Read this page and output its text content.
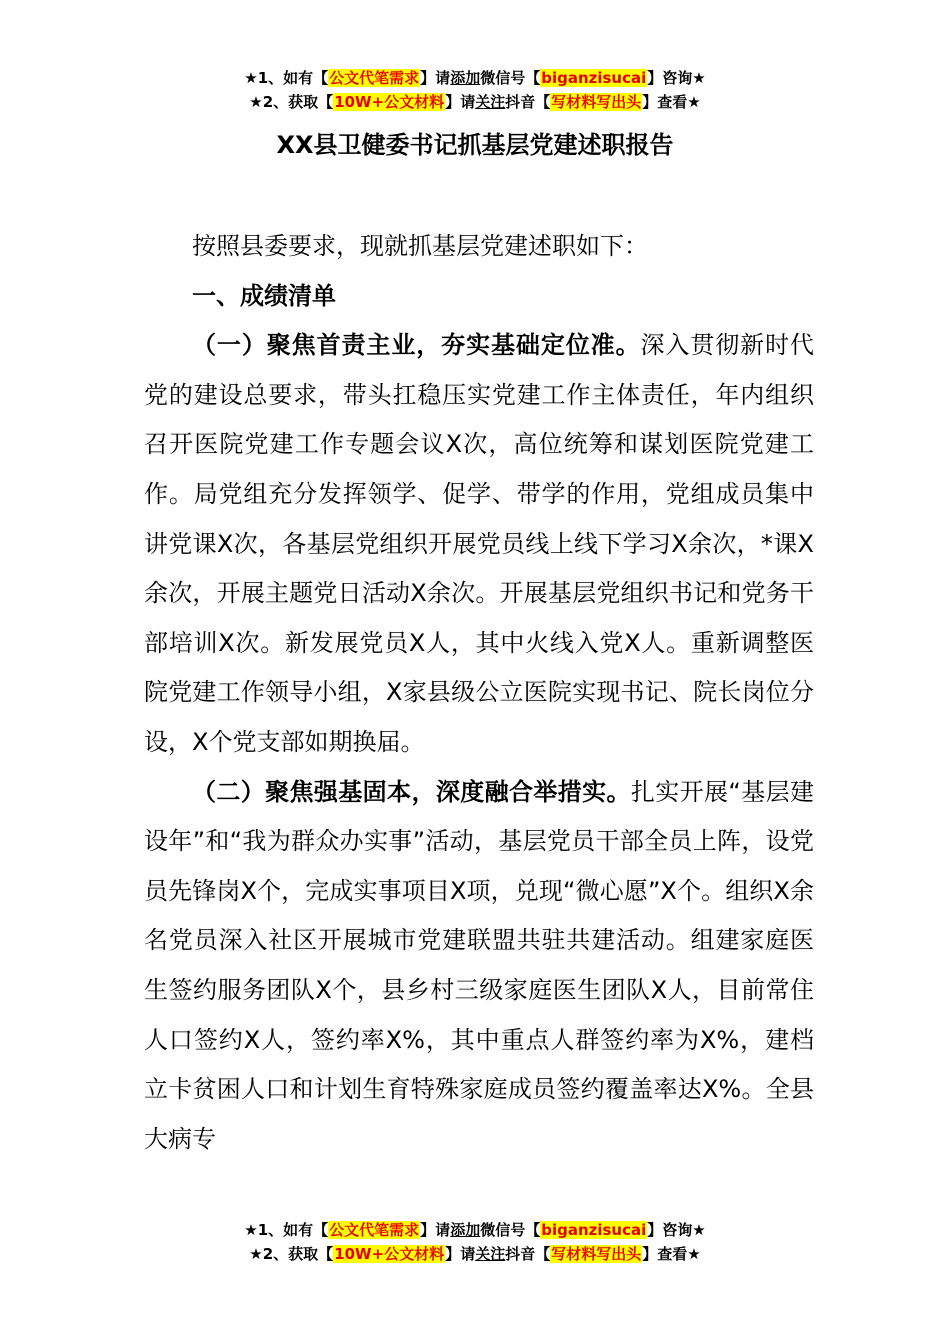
★1、如有【公文代笔需求】请添加微信号【biganzisucai】咨询★
★2、获取【10W+公文材料】请关注抖音【写材料写出头】查看★
XX县卫健委书记抓基层党建述职报告

按照县委要求，现就抓基层党建述职如下：

一、成绩清单

（一）聚焦首责主业，夯实基础定位准。深入贯彻新时代党的建设总要求，带头扛稳压实党建工作主体责任，年内组织召开医院党建工作专题会议X次，高位统筹和谋划医院党建工作。局党组充分发挥领学、促学、带学的作用，党组成员集中讲党课X次，各基层党组织开展党员线上线下学习X余次，*课X余次，开展主题党日活动X余次。开展基层党组织书记和党务干部培训X次。新发展党员X人，其中火线入党X人。重新调整医院党建工作领导小组，X家县级公立医院实现书记、院长岗位分设，X个党支部如期换届。

（二）聚焦强基固本，深度融合举措实。扎实开展“基层建设年”和“我为群众办实事”活动，基层党员干部全员上阵，设党员先锋岗X个，完成实事项目X项，兑现“微心愿”X个。组织X余名党员深入社区开展城市党建联盟共驻共建活动。组建家庭医生签约服务团队X个，县乡村三级家庭医生团队X人，目前常住人口签约X人，签约率X%，其中重点人群签约率为X%，建档立卡贫困人口和计划生育特殊家庭成员签约覆盖率达X%。全县大病专

★1、如有【公文代笔需求】请添加微信号【biganzisucai】咨询★
★2、获取【10W+公文材料】请关注抖音【写材料写出头】查看★
